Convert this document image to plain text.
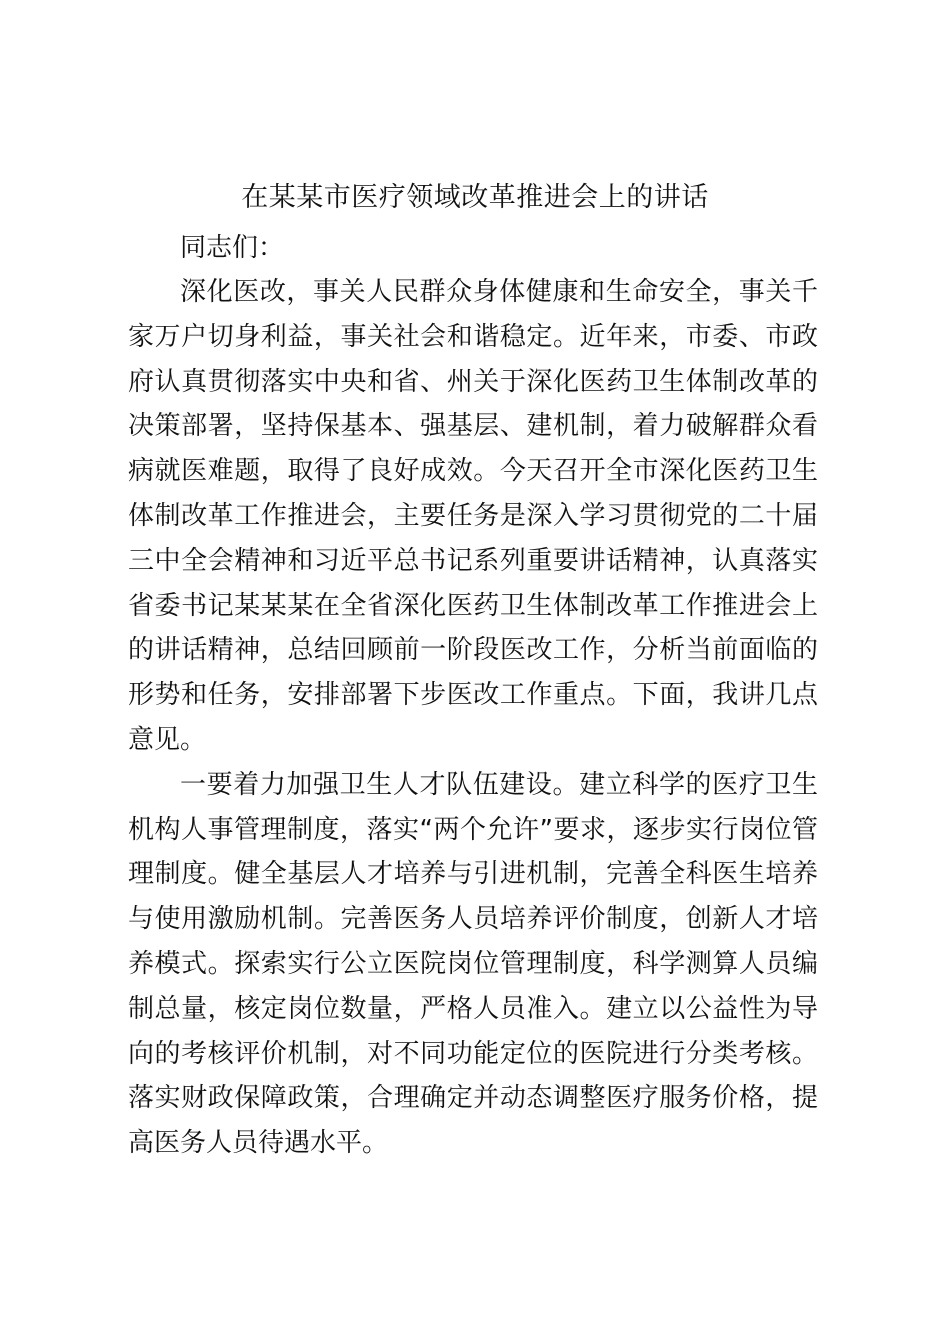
在某某市医疗领域改革推进会上的讲话

同志们：

深化医改，事关人民群众身体健康和生命安全，事关千家万户切身利益，事关社会和谐稳定。近年来，市委、市政府认真贯彻落实中央和省、州关于深化医药卫生体制改革的决策部署，坚持保基本、强基层、建机制，着力破解群众看病就医难题，取得了良好成效。今天召开全市深化医药卫生体制改革工作推进会，主要任务是深入学习贯彻党的二十届三中全会精神和习近平总书记系列重要讲话精神，认真落实省委书记某某某在全省深化医药卫生体制改革工作推进会上的讲话精神，总结回顾前一阶段医改工作，分析当前面临的形势和任务，安排部署下步医改工作重点。下面，我讲几点意见。

一要着力加强卫生人才队伍建设。建立科学的医疗卫生机构人事管理制度，落实“两个允许”要求，逐步实行岗位管理制度。健全基层人才培养与引进机制，完善全科医生培养与使用激励机制。完善医务人员培养评价制度，创新人才培养模式。探索实行公立医院岗位管理制度，科学测算人员编制总量，核定岗位数量，严格人员准入。建立以公益性为导向的考核评价机制，对不同功能定位的医院进行分类考核。落实财政保障政策，合理确定并动态调整医疗服务价格，提高医务人员待遇水平。
